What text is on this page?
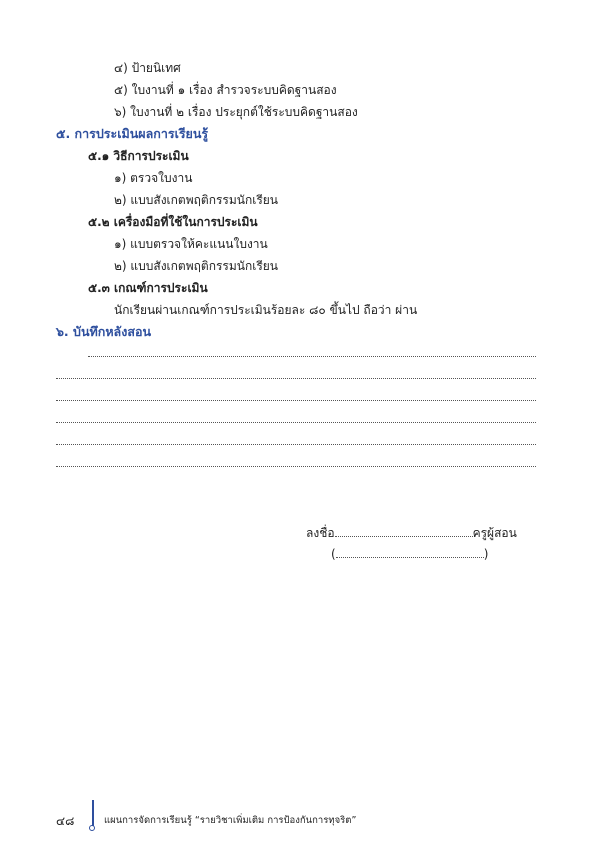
๔) ป้ายนิเทศ
๕) ใบงานที่ ๑ เรื่อง สำรวจระบบคิดฐานสอง
๖) ใบงานที่ ๒ เรื่อง ประยุกต์ใช้ระบบคิดฐานสอง
๕. การประเมินผลการเรียนรู้
๕.๑ วิธีการประเมิน
๑) ตรวจใบงาน
๒) แบบสังเกตพฤติกรรมนักเรียน
๕.๒ เครื่องมือที่ใช้ในการประเมิน
๑) แบบตรวจให้คะแนนใบงาน
๒) แบบสังเกตพฤติกรรมนักเรียน
๕.๓ เกณฑ์การประเมิน
นักเรียนผ่านเกณฑ์การประเมินร้อยละ ๘๐ ขึ้นไป ถือว่า ผ่าน
๖. บันทึกหลังสอน
ลงชื่อ	ครูผู้สอน
(	)
๔๘	แผนการจัดการเรียนรู้ “รายวิชาเพิ่มเติม การป้องกันการทุจริต”
